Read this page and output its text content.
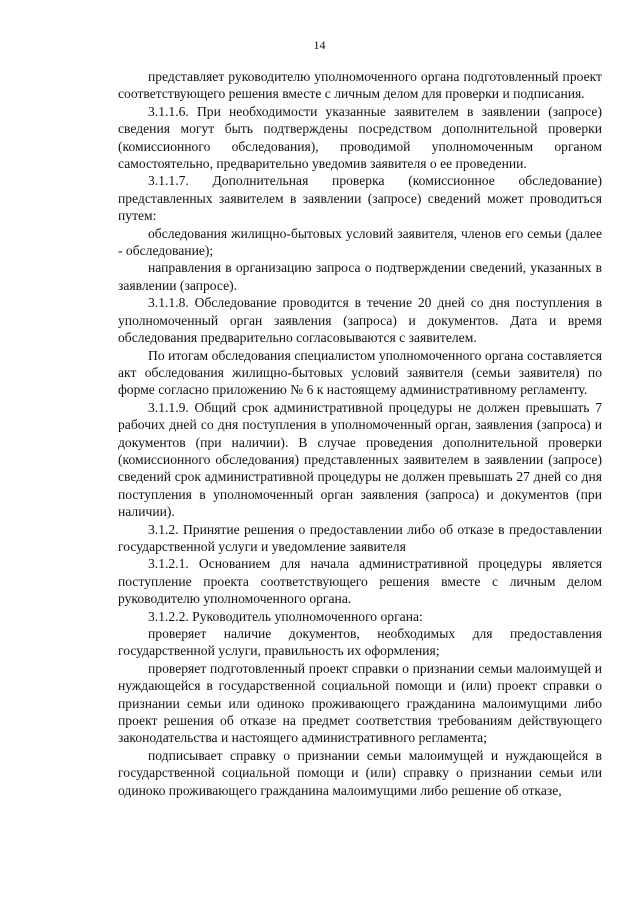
14

представляет руководителю уполномоченного органа подготовленный проект соответствующего решения вместе с личным делом для проверки и подписания.

3.1.1.6. При необходимости указанные заявителем в заявлении (запросе) сведения могут быть подтверждены посредством дополнительной проверки (комиссионного обследования), проводимой уполномоченным органом самостоятельно, предварительно уведомив заявителя о ее проведении.

3.1.1.7. Дополнительная проверка (комиссионное обследование) представленных заявителем в заявлении (запросе) сведений может проводиться путем:

обследования жилищно-бытовых условий заявителя, членов его семьи (далее - обследование);

направления в организацию запроса о подтверждении сведений, указанных в заявлении (запросе).

3.1.1.8. Обследование проводится в течение 20 дней со дня поступления в уполномоченный орган заявления (запроса) и документов. Дата и время обследования предварительно согласовываются с заявителем.

По итогам обследования специалистом уполномоченного органа составляется акт обследования жилищно-бытовых условий заявителя (семьи заявителя) по форме согласно приложению № 6 к настоящему административному регламенту.

3.1.1.9. Общий срок административной процедуры не должен превышать 7 рабочих дней со дня поступления в уполномоченный орган, заявления (запроса) и документов (при наличии). В случае проведения дополнительной проверки (комиссионного обследования) представленных заявителем в заявлении (запросе) сведений срок административной процедуры не должен превышать 27 дней со дня поступления в уполномоченный орган заявления (запроса) и документов (при наличии).

3.1.2. Принятие решения о предоставлении либо об отказе в предоставлении государственной услуги и уведомление заявителя

3.1.2.1. Основанием для начала административной процедуры является поступление проекта соответствующего решения вместе с личным делом руководителю уполномоченного органа.

3.1.2.2. Руководитель уполномоченного органа:

проверяет наличие документов, необходимых для предоставления государственной услуги, правильность их оформления;

проверяет подготовленный проект справки о признании семьи малоимущей и нуждающейся в государственной социальной помощи и (или) проект справки о признании семьи или одиноко проживающего гражданина малоимущими либо проект решения об отказе на предмет соответствия требованиям действующего законодательства и настоящего административного регламента;

подписывает справку о признании семьи малоимущей и нуждающейся в государственной социальной помощи и (или) справку о признании семьи или одиноко проживающего гражданина малоимущими либо решение об отказе,
